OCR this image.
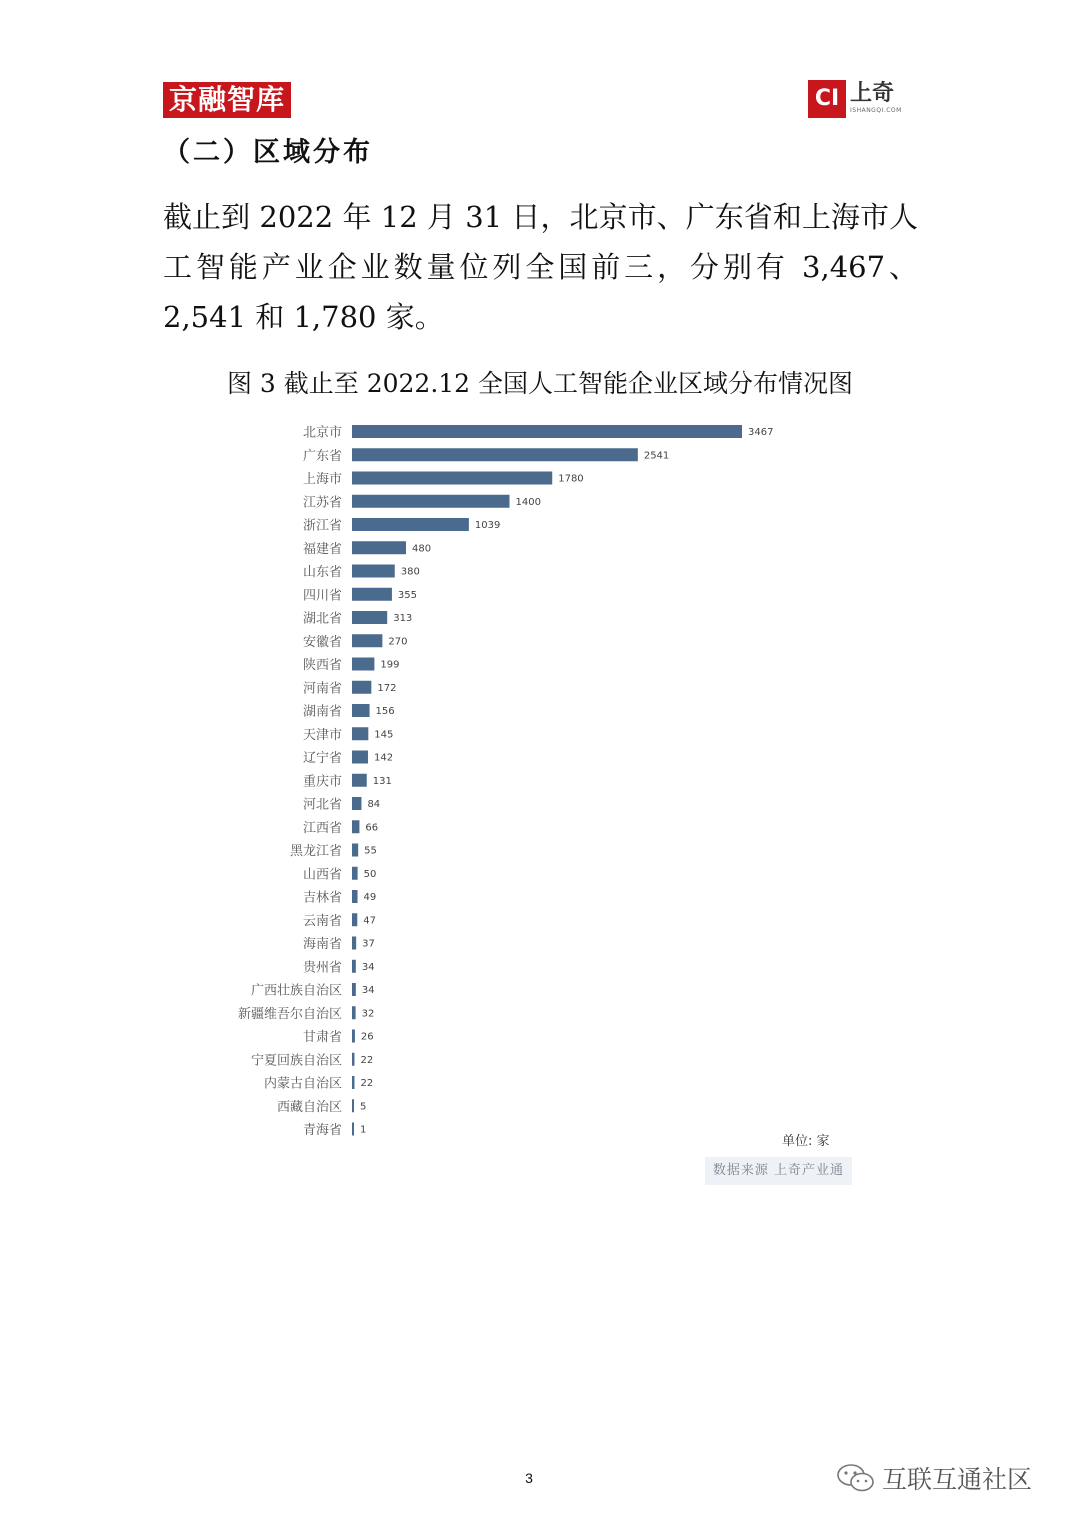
京融智库	CI 上奇
ISHANGQI.COM
（二）区域分布
截止到 2022 年 12 月 31 日，北京市、广东省和上海市人工智能产业企业数量位列全国前三，分别有 3,467、2,541 和 1,780 家。
图 3 截止至 2022.12 全国人工智能企业区域分布情况图
北京市	3467
广东省	2541
上海市	1780
江苏省	1400
浙江省	1039
福建省	480
山东省	380
四川省	355
湖北省	313
安徽省	270
陕西省	199
河南省	172
湖南省	156
天津市	145
辽宁省	142
重庆市	131
河北省	84
江西省 66
黑龙江省 55
山西省 50
吉林省 49
云南省 47
海南省 37
贵州省 34
广西壮族自治区 34
新疆维吾尔自治区 32
甘肃省 26
宁夏回族自治区 22
内蒙古自治区 22
西藏自治区 5
青海省 1
单位: 家
数据来源 上奇产业通
3	互联互通社区
